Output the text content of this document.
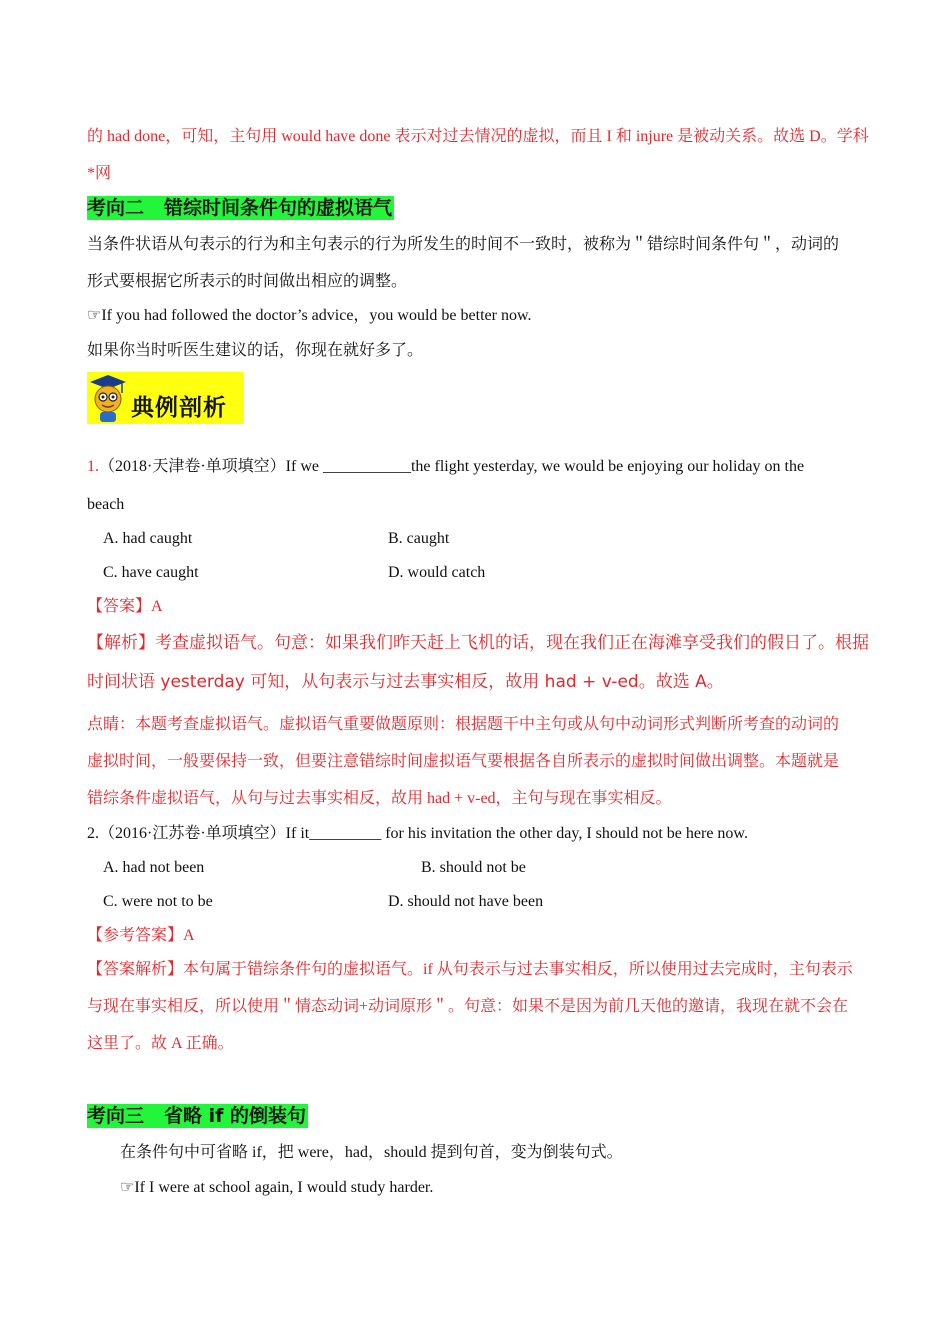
的 had done，可知，主句用 would have done 表示对过去情况的虚拟，而且 I 和 injure 是被动关系。故选 D。学科
*网
考向二 错综时间条件句的虚拟语气
当条件状语从句表示的行为和主句表示的行为所发生的时间不一致时，被称为＂错综时间条件句＂，动词的
形式要根据它所表示的时间做出相应的调整。
☞If you had followed the doctor’s advice，you would be better now.
如果你当时听医生建议的话，你现在就好多了。
典例剖析
1.（2018·天津卷·单项填空）If we ___________the flight yesterday, we would be enjoying our holiday on the
beach
A. had caught	B. caught
C. have caught	D. would catch
【答案】A
【解析】考查虚拟语气。句意：如果我们昨天赶上飞机的话，现在我们正在海滩享受我们的假日了。根据
时间状语 yesterday 可知，从句表示与过去事实相反，故用 had + v-ed。故选 A。
点睛：本题考查虚拟语气。虚拟语气重要做题原则：根据题干中主句或从句中动词形式判断所考查的动词的
虚拟时间，一般要保持一致，但要注意错综时间虚拟语气要根据各自所表示的虚拟时间做出调整。本题就是
错综条件虚拟语气，从句与过去事实相反，故用 had + v-ed，主句与现在事实相反。
2.（2016·江苏卷·单项填空）If it_________ for his invitation the other day, I should not be here now.
A. had not been	B. should not be
C. were not to be	D. should not have been
【参考答案】A
【答案解析】本句属于错综条件句的虚拟语气。if 从句表示与过去事实相反，所以使用过去完成时，主句表示
与现在事实相反，所以使用＂情态动词+动词原形＂。句意：如果不是因为前几天他的邀请，我现在就不会在
这里了。故 A 正确。
考向三 省略 if 的倒装句
在条件句中可省略 if，把 were，had，should 提到句首，变为倒装句式。
☞If I were at school again, I would study harder.
